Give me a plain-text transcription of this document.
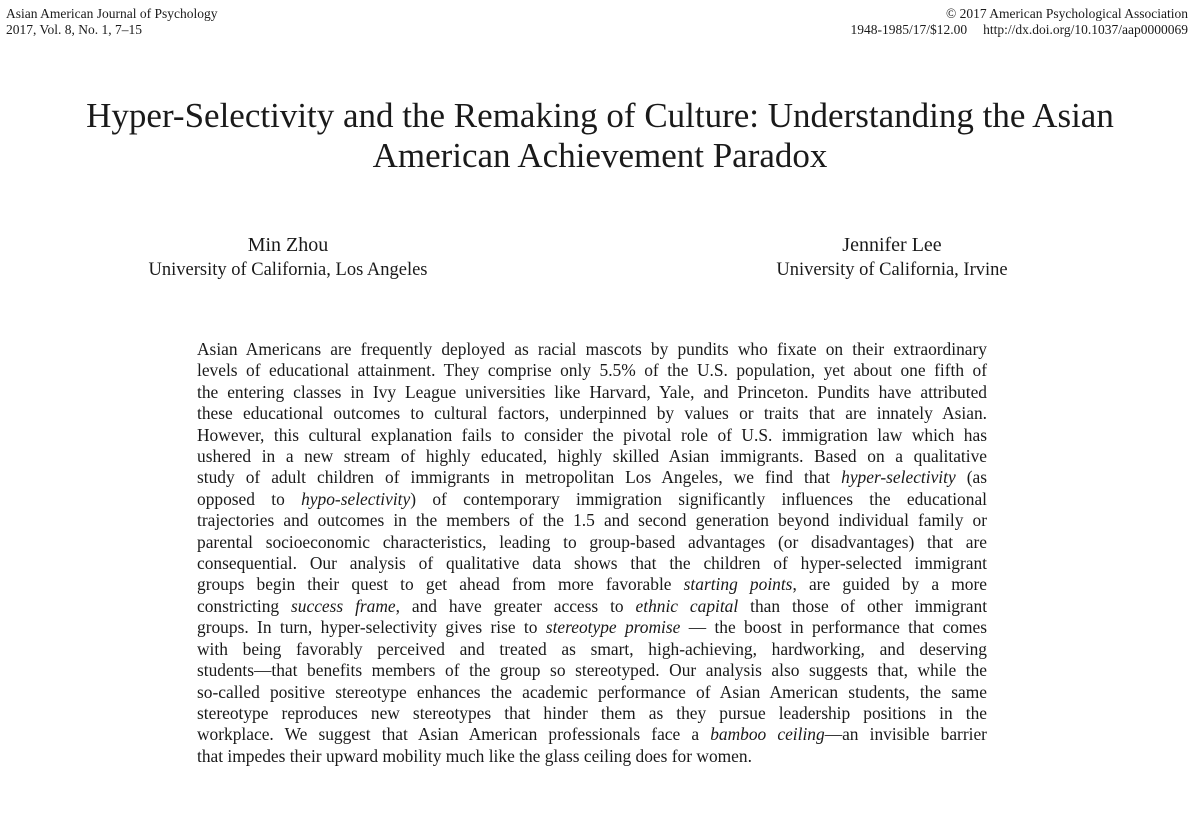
Asian American Journal of Psychology
2017, Vol. 8, No. 1, 7–15
© 2017 American Psychological Association
1948-1985/17/$12.00 http://dx.doi.org/10.1037/aap0000069
Hyper-Selectivity and the Remaking of Culture: Understanding the Asian
American Achievement Paradox
Min Zhou
University of California, Los Angeles
Jennifer Lee
University of California, Irvine
Asian Americans are frequently deployed as racial mascots by pundits who fixate on their extraordinary
levels of educational attainment. They comprise only 5.5% of the U.S. population, yet about one fifth of
the entering classes in Ivy League universities like Harvard, Yale, and Princeton. Pundits have attributed
these educational outcomes to cultural factors, underpinned by values or traits that are innately Asian.
However, this cultural explanation fails to consider the pivotal role of U.S. immigration law which has
ushered in a new stream of highly educated, highly skilled Asian immigrants. Based on a qualitative
study of adult children of immigrants in metropolitan Los Angeles, we find that hyper-selectivity (as
opposed to hypo-selectivity) of contemporary immigration significantly influences the educational
trajectories and outcomes in the members of the 1.5 and second generation beyond individual family or
parental socioeconomic characteristics, leading to group-based advantages (or disadvantages) that are
consequential. Our analysis of qualitative data shows that the children of hyper-selected immigrant
groups begin their quest to get ahead from more favorable starting points, are guided by a more
constricting success frame, and have greater access to ethnic capital than those of other immigrant
groups. In turn, hyper-selectivity gives rise to stereotype promise — the boost in performance that comes
with being favorably perceived and treated as smart, high-achieving, hardworking, and deserving
students—that benefits members of the group so stereotyped. Our analysis also suggests that, while the
so-called positive stereotype enhances the academic performance of Asian American students, the same
stereotype reproduces new stereotypes that hinder them as they pursue leadership positions in the
workplace. We suggest that Asian American professionals face a bamboo ceiling—an invisible barrier
that impedes their upward mobility much like the glass ceiling does for women.
